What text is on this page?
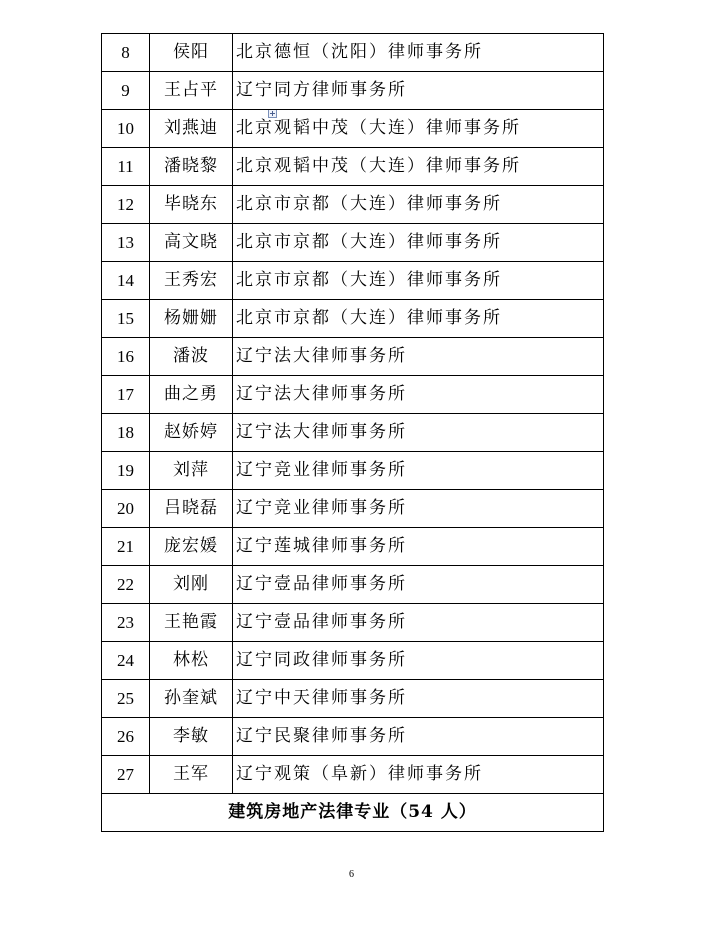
8	侯阳	北京德恒（沈阳）律师事务所
9	王占平	辽宁同方律师事务所
10	刘燕迪	北京观韬中茂（大连）律师事务所
11	潘晓黎	北京观韬中茂（大连）律师事务所
12	毕晓东	北京市京都（大连）律师事务所
13	高文晓	北京市京都（大连）律师事务所
14	王秀宏	北京市京都（大连）律师事务所
15	杨姗姗	北京市京都（大连）律师事务所
16	潘波	辽宁法大律师事务所
17	曲之勇	辽宁法大律师事务所
18	赵娇婷	辽宁法大律师事务所
19	刘萍	辽宁竞业律师事务所
20	吕晓磊	辽宁竞业律师事务所
21	庞宏媛	辽宁莲城律师事务所
22	刘刚	辽宁壹品律师事务所
23	王艳霞	辽宁壹品律师事务所
24	林松	辽宁同政律师事务所
25	孙奎斌	辽宁中天律师事务所
26	李敏	辽宁民聚律师事务所
27	王军	辽宁观策（阜新）律师事务所
建筑房地产法律专业（54 人）		
6
